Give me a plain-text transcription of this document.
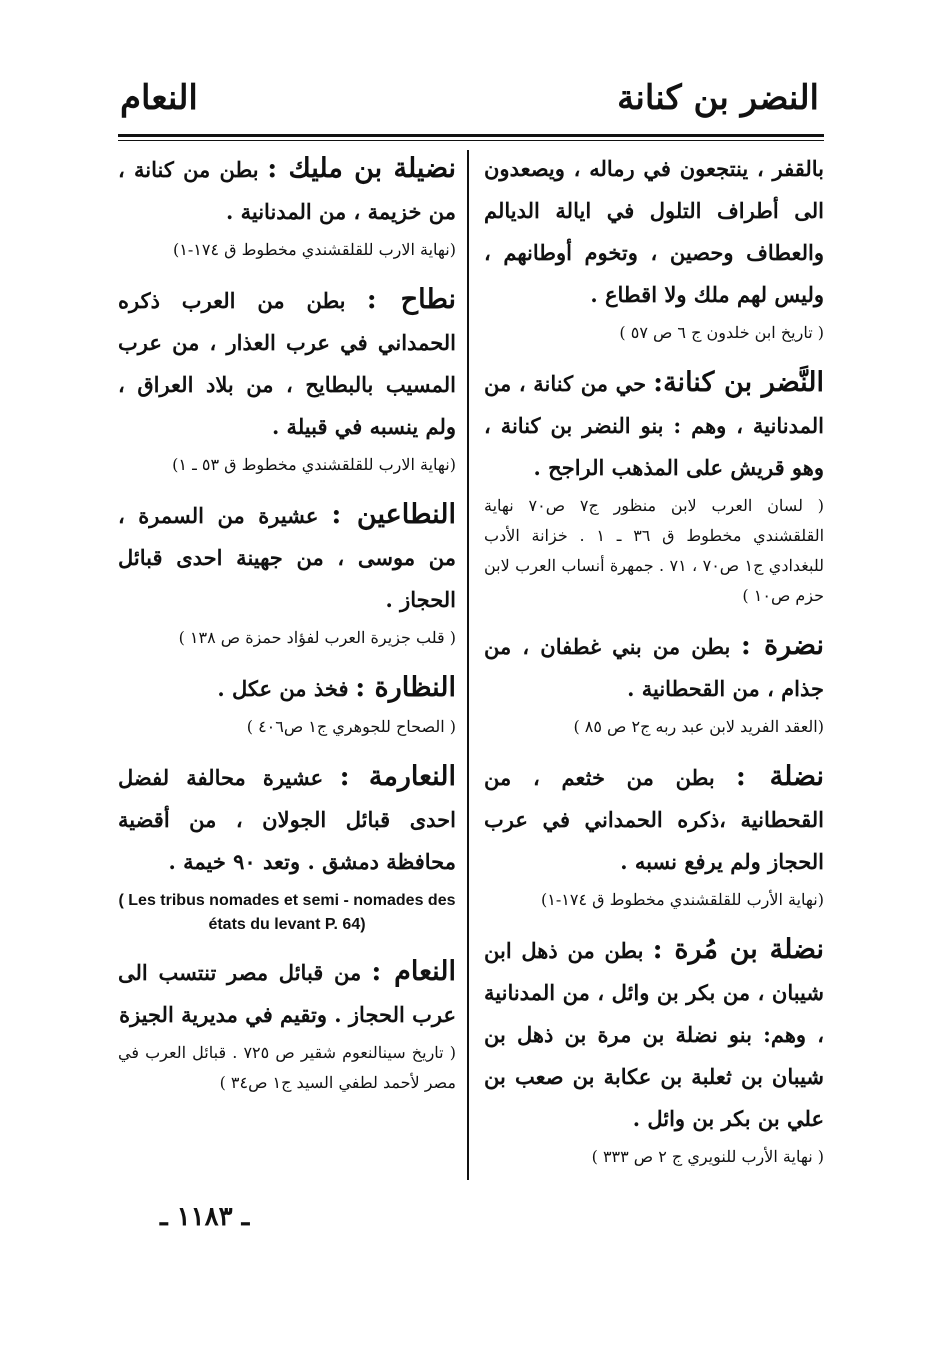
النضر بن كنانة
النعام
بالقفر ، ينتجعون في رماله ، ويصعدون الى أطراف التلول في ايالة الديالم والعطاف وحصين ، وتخوم أوطانهم ، وليس لهم ملك ولا اقطاع .
( تاريخ ابن خلدون ج ٦ ص ٥٧ )
النَّضر بن كنانة: حي من كنانة ، من المدنانية ، وهم : بنو النضر بن كنانة ، وهو قريش على المذهب الراجح .
( لسان العرب لابن منظور ج٧ ص٧٠ نهاية القلقشندي مخطوط ق ٣٦ ـ ١ . خزانة الأدب للبغدادي ج١ ص٧٠ ، ٧١ . جمهرة أنساب العرب لابن حزم ص١٠ )
نضرة : بطن من بني غطفان ، من جذام ، من القحطانية .
(العقد الفريد لابن عبد ربه ج٢ ص ٨٥ )
نضلة : بطن من خثعم ، من القحطانية ،ذكره الحمداني في عرب الحجاز ولم يرفع نسبه .
(نهاية الأرب للقلقشندي مخطوط ق ١٧٤-١)
نضلة بن مُرة : بطن من ذهل ابن شيبان ، من بكر بن وائل ، من المدنانية ، وهم: بنو نضلة بن مرة بن ذهل بن شيبان بن ثعلبة بن عكابة بن صعب بن علي بن بكر بن وائل .
( نهاية الأرب للنويري ج ٢ ص ٣٣٣ )
نضيلة بن مليك : بطن من كنانة ، من خزيمة ، من المدنانية .
(نهاية الارب للقلقشندي مخطوط ق ١٧٤-١)
نطاح : بطن من العرب ذكره الحمداني في عرب العذار ، من عرب المسيب بالبطايح ، من بلاد العراق ، ولم ينسبه في قبيلة .
(نهاية الارب للقلقشندي مخطوط ق ٥٣ ـ ١)
النطاعين : عشيرة من السمرة ، من موسى ، من جهينة احدى قبائل الحجاز .
( قلب جزيرة العرب لفؤاد حمزة ص ١٣٨ )
النظارة : فخذ من عكل .
( الصحاح للجوهري ج١ ص٤٠٦ )
النعارمة : عشيرة محالفة لفضل احدى قبائل الجولان ، من أقضية محافظة دمشق . وتعد ٩٠ خيمة .
( Les tribus nomades et semi - nomades des états du levant P. 64)
النعام : من قبائل مصر تنتسب الى عرب الحجاز . وتقيم في مديرية الجيزة
( تاريخ سينالنعوم شقير ص ٧٢٥ . قبائل العرب في مصر لأحمد لطفي السيد ج١ ص٣٤ )
ـ ١١٨٣ ـ
